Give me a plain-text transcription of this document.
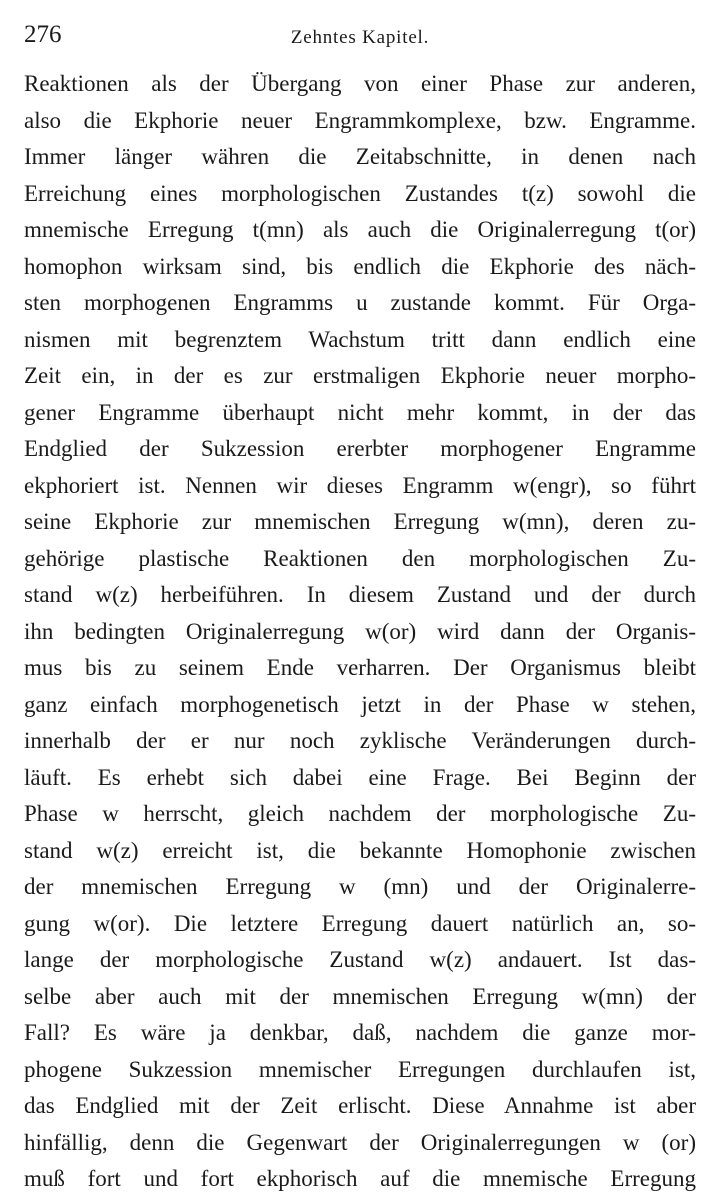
276	Zehntes Kapitel.
Reaktionen als der Übergang von einer Phase zur anderen,
also die Ekphorie neuer Engrammkomplexe, bzw. Engramme.
Immer länger währen die Zeitabschnitte, in denen nach
Erreichung eines morphologischen Zustandes t(z) sowohl die
mnemische Erregung t(mn) als auch die Originalerregung t(or)
homophon wirksam sind, bis endlich die Ekphorie des näch-
sten morphogenen Engramms u zustande kommt. Für Orga-
nismen mit begrenztem Wachstum tritt dann endlich eine
Zeit ein, in der es zur erstmaligen Ekphorie neuer morpho-
gener Engramme überhaupt nicht mehr kommt, in der das
Endglied der Sukzession ererbter morphogener Engramme
ekphoriert ist. Nennen wir dieses Engramm w(engr), so führt
seine Ekphorie zur mnemischen Erregung w(mn), deren zu-
gehörige plastische Reaktionen den morphologischen Zu-
stand w(z) herbeiführen. In diesem Zustand und der durch
ihn bedingten Originalerregung w(or) wird dann der Organis-
mus bis zu seinem Ende verharren. Der Organismus bleibt
ganz einfach morphogenetisch jetzt in der Phase w stehen,
innerhalb der er nur noch zyklische Veränderungen durch-
läuft. Es erhebt sich dabei eine Frage. Bei Beginn der
Phase w herrscht, gleich nachdem der morphologische Zu-
stand w(z) erreicht ist, die bekannte Homophonie zwischen
der mnemischen Erregung w (mn) und der Originalerre-
gung w(or). Die letztere Erregung dauert natürlich an, so-
lange der morphologische Zustand w(z) andauert. Ist das-
selbe aber auch mit der mnemischen Erregung w(mn) der
Fall? Es wäre ja denkbar, daß, nachdem die ganze mor-
phogene Sukzession mnemischer Erregungen durchlaufen ist,
das Endglied mit der Zeit erlischt. Diese Annahme ist aber
hinfällig, denn die Gegenwart der Originalerregungen w (or)
muß fort und fort ekphorisch auf die mnemische Erregung
